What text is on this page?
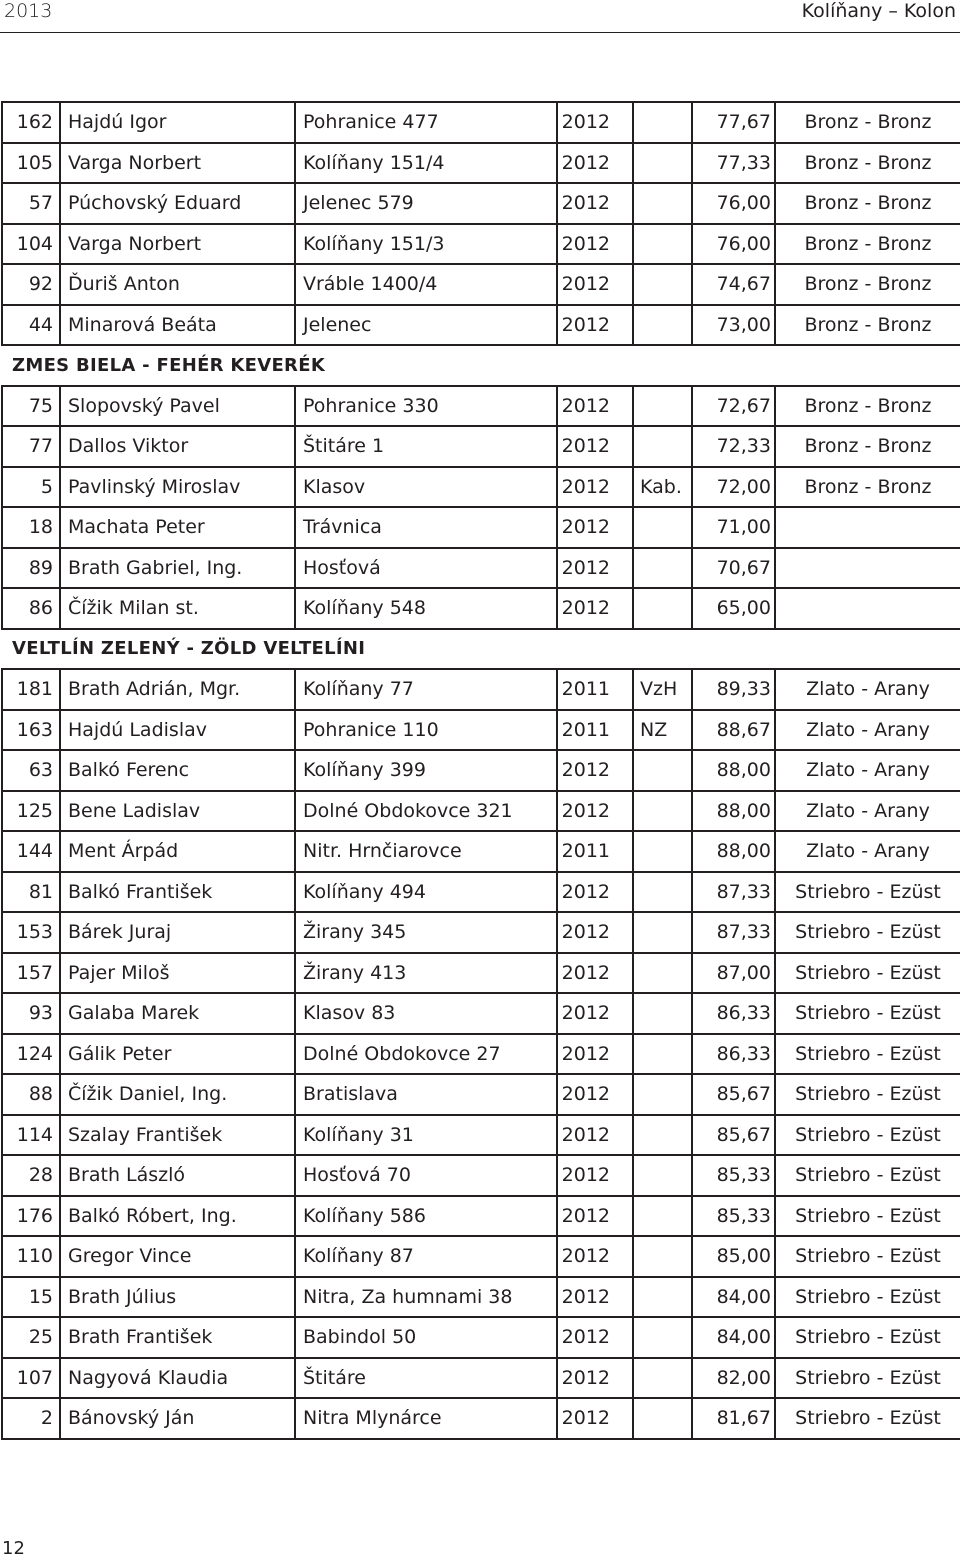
2013	Kolíňany – Kolon
162	Hajdú Igor	Pohranice 477	2012		77,67	Bronz - Bronz
105	Varga Norbert	Kolíňany 151/4	2012		77,33	Bronz - Bronz
57	Púchovský Eduard	Jelenec 579	2012		76,00	Bronz - Bronz
104	Varga Norbert	Kolíňany 151/3	2012		76,00	Bronz - Bronz
92	Ďuriš Anton	Vráble 1400/4	2012		74,67	Bronz - Bronz
44	Minarová Beáta	Jelenec	2012		73,00	Bronz - Bronz
ZMES BIELA - FEHÉR KEVERÉK						
75	Slopovský Pavel	Pohranice 330	2012		72,67	Bronz - Bronz
77	Dallos Viktor	Štitáre 1	2012		72,33	Bronz - Bronz
5	Pavlinský Miroslav	Klasov	2012	Kab.	72,00	Bronz - Bronz
18	Machata Peter	Trávnica	2012		71,00	
89	Brath Gabriel, Ing.	Hosťová	2012		70,67	
86	Čížik Milan st.	Kolíňany 548	2012		65,00	
VELTLÍN ZELENÝ - ZÖLD VELTELÍNI						
181	Brath Adrián, Mgr.	Kolíňany 77	2011	VzH	89,33	Zlato - Arany
163	Hajdú Ladislav	Pohranice 110	2011	NZ	88,67	Zlato - Arany
63	Balkó Ferenc	Kolíňany 399	2012		88,00	Zlato - Arany
125	Bene Ladislav	Dolné Obdokovce 321	2012		88,00	Zlato - Arany
144	Ment Árpád	Nitr. Hrnčiarovce	2011		88,00	Zlato - Arany
81	Balkó František	Kolíňany 494	2012		87,33	Striebro - Ezüst
153	Bárek Juraj	Žirany 345	2012		87,33	Striebro - Ezüst
157	Pajer Miloš	Žirany 413	2012		87,00	Striebro - Ezüst
93	Galaba Marek	Klasov 83	2012		86,33	Striebro - Ezüst
124	Gálik Peter	Dolné Obdokovce 27	2012		86,33	Striebro - Ezüst
88	Čížik Daniel, Ing.	Bratislava	2012		85,67	Striebro - Ezüst
114	Szalay František	Kolíňany 31	2012		85,67	Striebro - Ezüst
28	Brath László	Hosťová 70	2012		85,33	Striebro - Ezüst
176	Balkó Róbert, Ing.	Kolíňany 586	2012		85,33	Striebro - Ezüst
110	Gregor Vince	Kolíňany 87	2012		85,00	Striebro - Ezüst
15	Brath Július	Nitra, Za humnami 38	2012		84,00	Striebro - Ezüst
25	Brath František	Babindol 50	2012		84,00	Striebro - Ezüst
107	Nagyová Klaudia	Štitáre	2012		82,00	Striebro - Ezüst
2	Bánovský Ján	Nitra Mlynárce	2012		81,67	Striebro - Ezüst
12
